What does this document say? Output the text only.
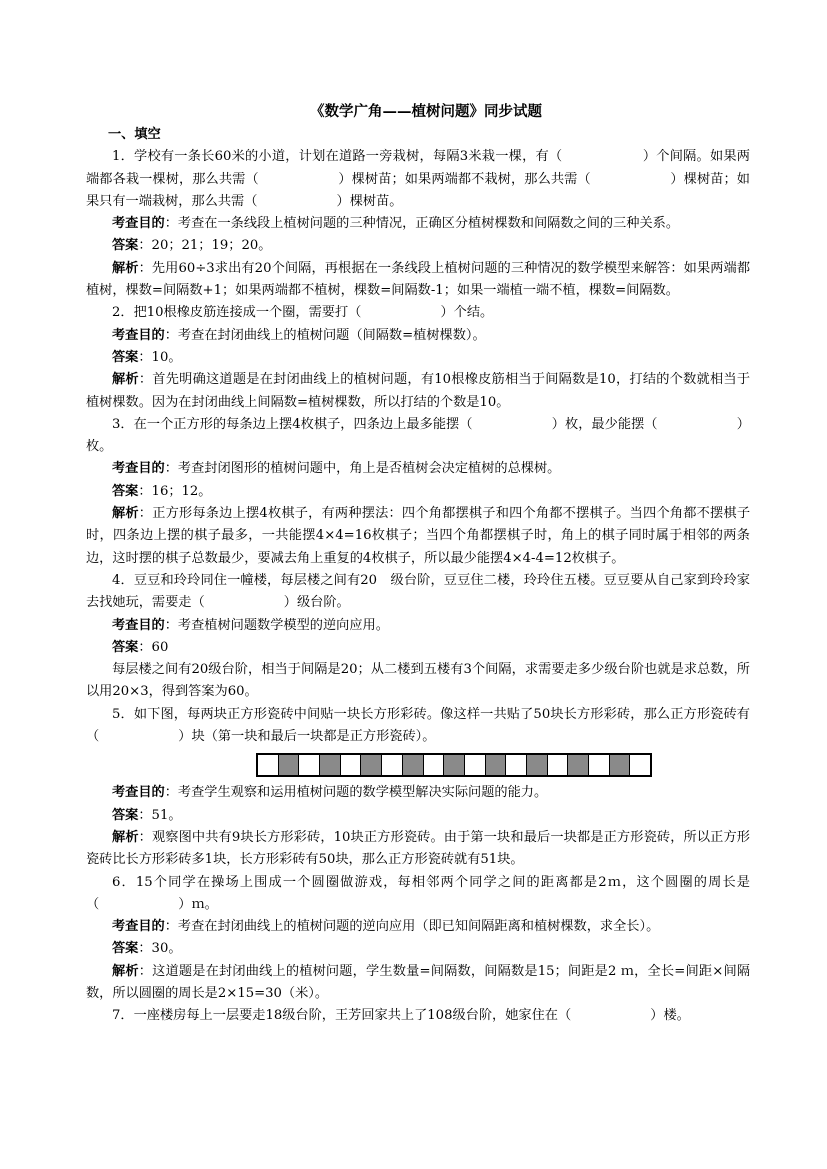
《数学广角——植树问题》同步试题
一、填空

1．学校有一条长60米的小道，计划在道路一旁栽树，每隔3米栽一棵，有（　　　　　　）个间隔。如果两端都各栽一棵树，那么共需（　　　　　　）棵树苗；如果两端都不栽树，那么共需（　　　　　　）棵树苗；如果只有一端栽树，那么共需（　　　　　　）棵树苗。

考查目的：考查在一条线段上植树问题的三种情况，正确区分植树棵数和间隔数之间的三种关系。

答案：20；21；19；20。

解析：先用60÷3求出有20个间隔，再根据在一条线段上植树问题的三种情况的数学模型来解答：如果两端都植树，棵数=间隔数+1；如果两端都不植树，棵数=间隔数-1；如果一端植一端不植，棵数=间隔数。

2．把10根橡皮筋连接成一个圈，需要打（　　　　　　）个结。

考查目的：考查在封闭曲线上的植树问题（间隔数=植树棵数）。

答案：10。

解析：首先明确这道题是在封闭曲线上的植树问题，有10根橡皮筋相当于间隔数是10，打结的个数就相当于植树棵数。因为在封闭曲线上间隔数=植树棵数，所以打结的个数是10。

3．在一个正方形的每条边上摆4枚棋子，四条边上最多能摆（　　　　　　）枚，最少能摆（　　　　　　）枚。

考查目的：考查封闭图形的植树问题中，角上是否植树会决定植树的总棵树。

答案：16；12。

解析：正方形每条边上摆4枚棋子，有两种摆法：四个角都摆棋子和四个角都不摆棋子。当四个角都不摆棋子时，四条边上摆的棋子最多，一共能摆4×4=16枚棋子；当四个角都摆棋子时，角上的棋子同时属于相邻的两条边，这时摆的棋子总数最少，要减去角上重复的4枚棋子，所以最少能摆4×4-4=12枚棋子。

4．豆豆和玲玲同住一幢楼，每层楼之间有20　级台阶，豆豆住二楼，玲玲住五楼。豆豆要从自己家到玲玲家去找她玩，需要走（　　　　　　）级台阶。

考查目的：考查植树问题数学模型的逆向应用。

答案：60

每层楼之间有20级台阶，相当于间隔是20；从二楼到五楼有3个间隔，求需要走多少级台阶也就是求总数，所以用20×3，得到答案为60。

5．如下图，每两块正方形瓷砖中间贴一块长方形彩砖。像这样一共贴了50块长方形彩砖，那么正方形瓷砖有（　　　　　　）块（第一块和最后一块都是正方形瓷砖）。

考查目的：考查学生观察和运用植树问题的数学模型解决实际问题的能力。

答案：51。

解析：观察图中共有9块长方形彩砖，10块正方形瓷砖。由于第一块和最后一块都是正方形瓷砖，所以正方形瓷砖比长方形彩砖多1块，长方形彩砖有50块，那么正方形瓷砖就有51块。

6．15个同学在操场上围成一个圆圈做游戏，每相邻两个同学之间的距离都是2ｍ，这个圆圈的周长是（　　　　　　）ｍ。

考查目的：考查在封闭曲线上的植树问题的逆向应用（即已知间隔距离和植树棵数，求全长）。

答案：30。

解析：这道题是在封闭曲线上的植树问题，学生数量=间隔数，间隔数是15；间距是2 ｍ，全长=间距×间隔数，所以圆圈的周长是2×15=30（米）。

7．一座楼房每上一层要走18级台阶，王芳回家共上了108级台阶，她家住在（　　　　　　）楼。
